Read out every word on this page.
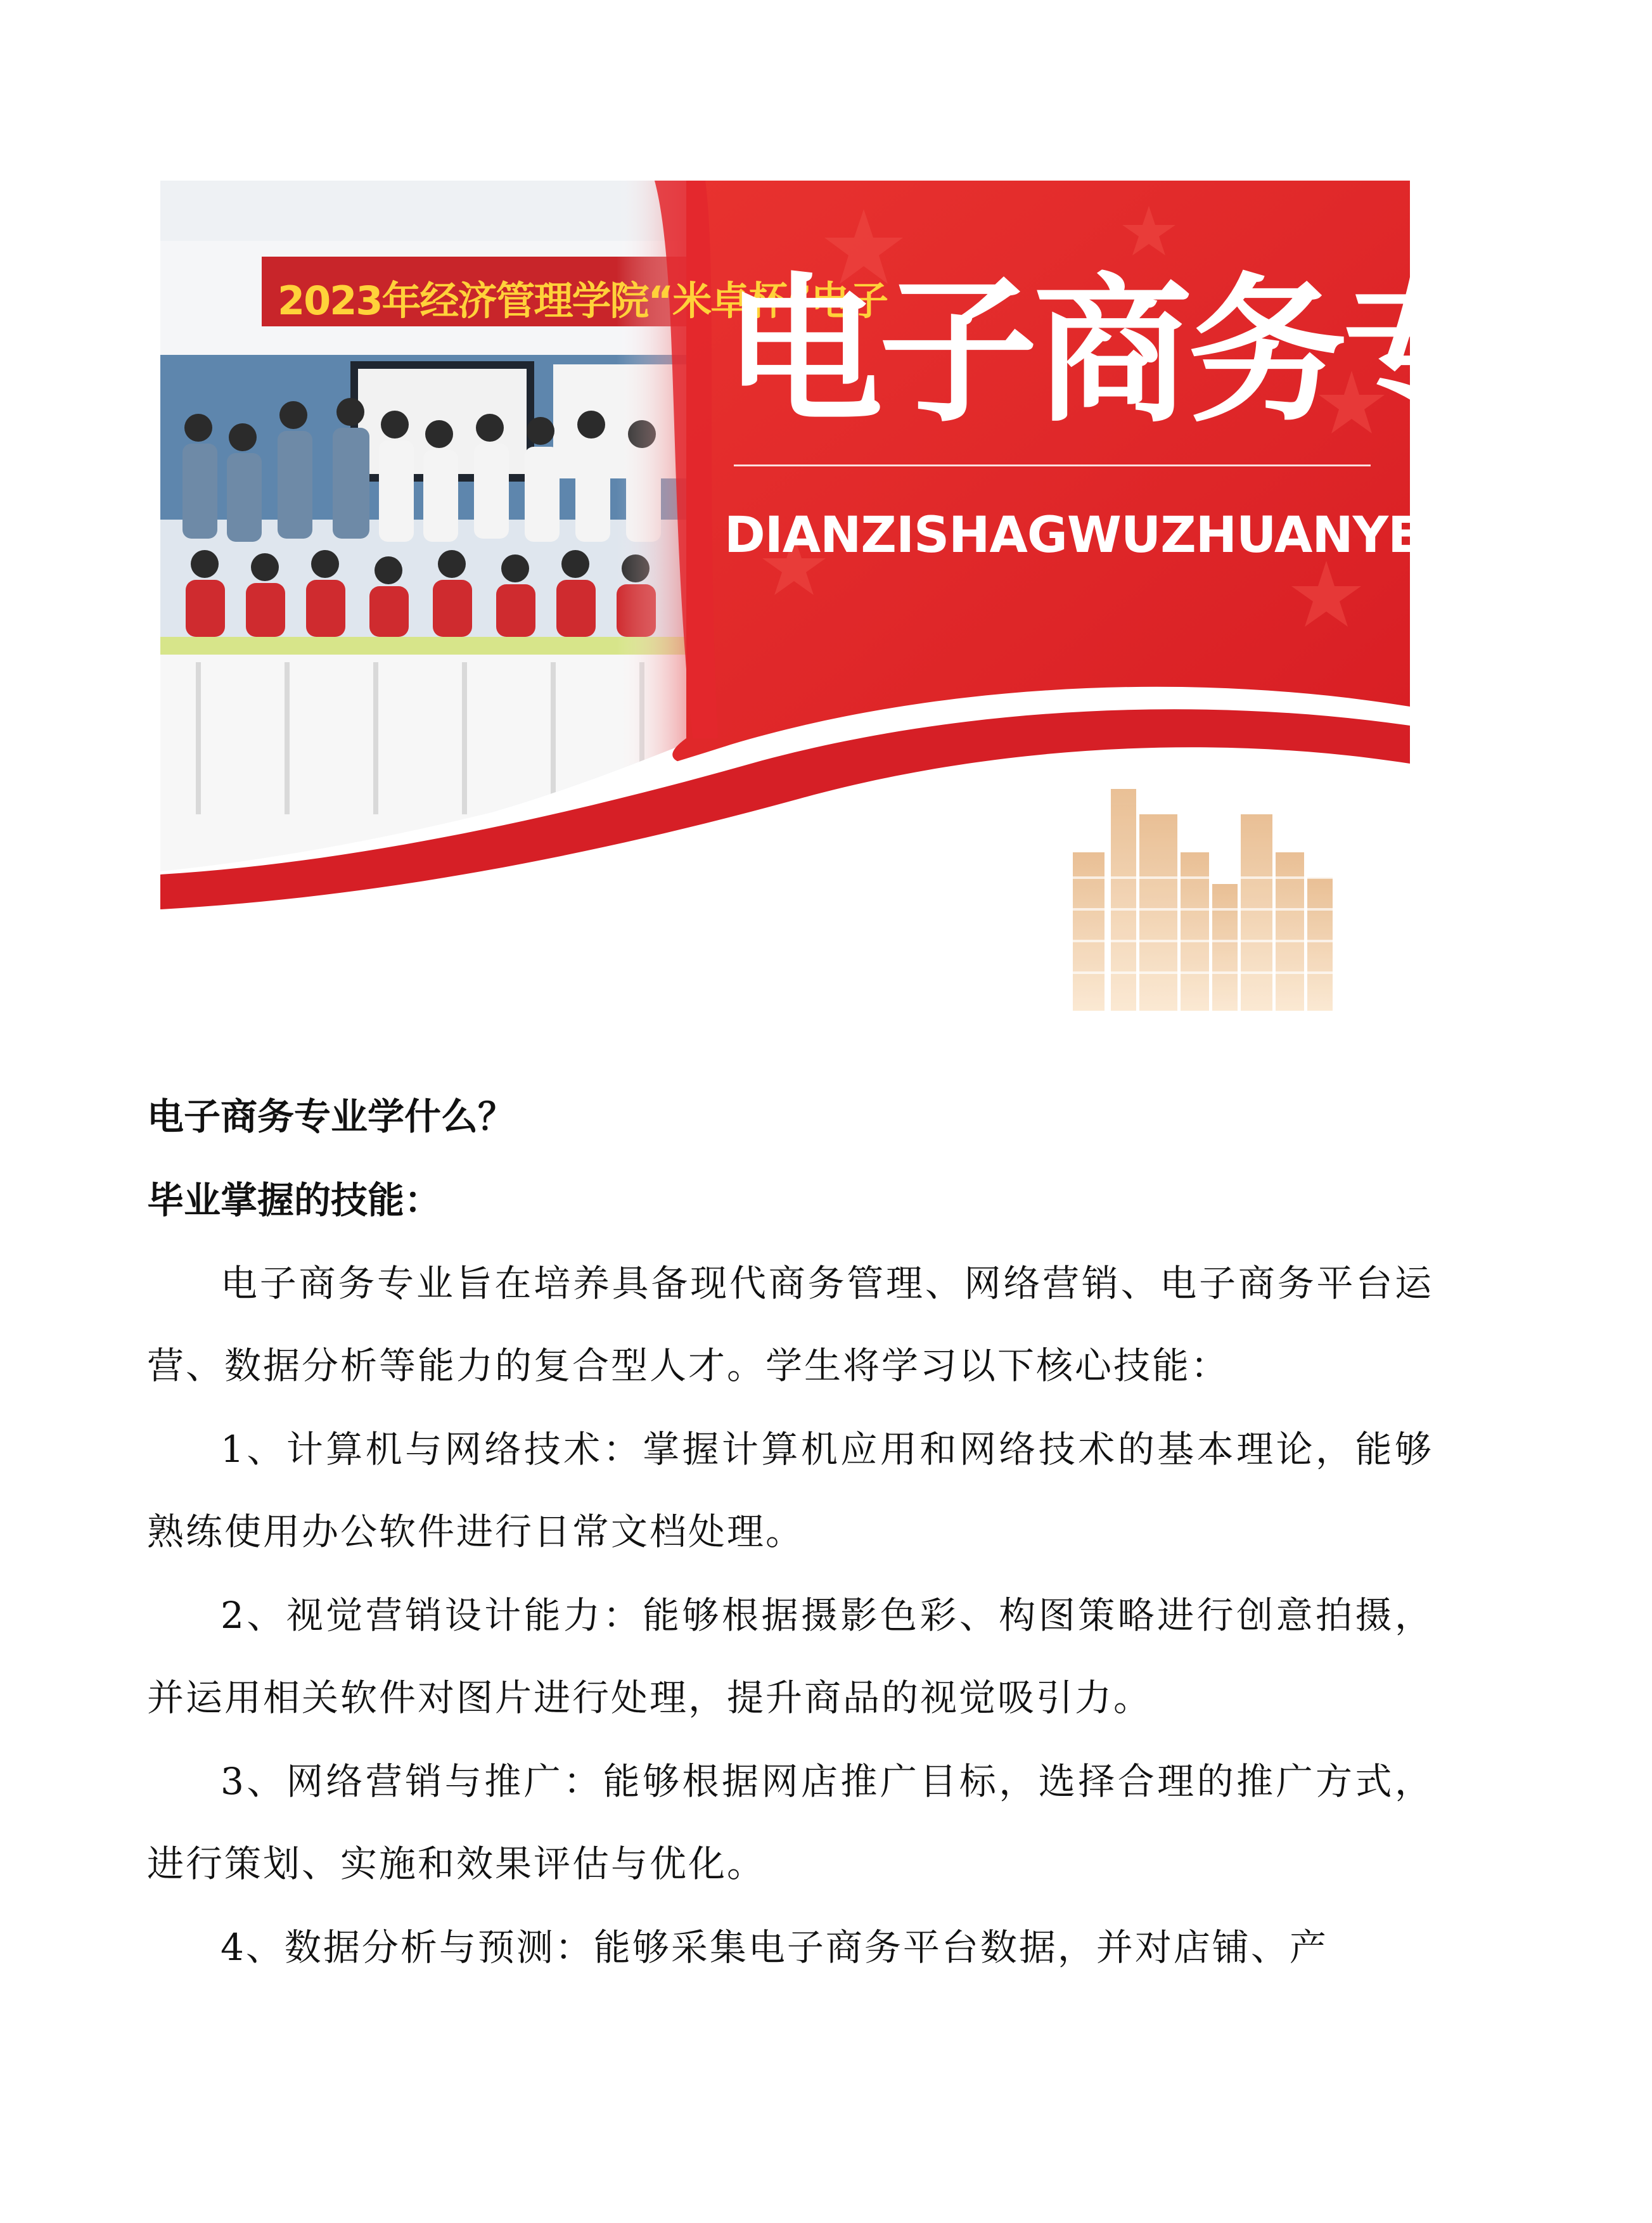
2023年经济管理学院“米卓杯”电子
电子商务专业
DIANZISHAGWUZHUANYE
电子商务专业学什么？
毕业掌握的技能：
电子商务专业旨在培养具备现代商务管理、网络营销、电子商务平台运营、数据分析等能力的复合型人才。学生将学习以下核心技能：
1、计算机与网络技术：掌握计算机应用和网络技术的基本理论，能够熟练使用办公软件进行日常文档处理。
2、视觉营销设计能力：能够根据摄影色彩、构图策略进行创意拍摄，并运用相关软件对图片进行处理，提升商品的视觉吸引力。
3、网络营销与推广：能够根据网店推广目标，选择合理的推广方式，进行策划、实施和效果评估与优化。
4、数据分析与预测：能够采集电子商务平台数据，并对店铺、产
